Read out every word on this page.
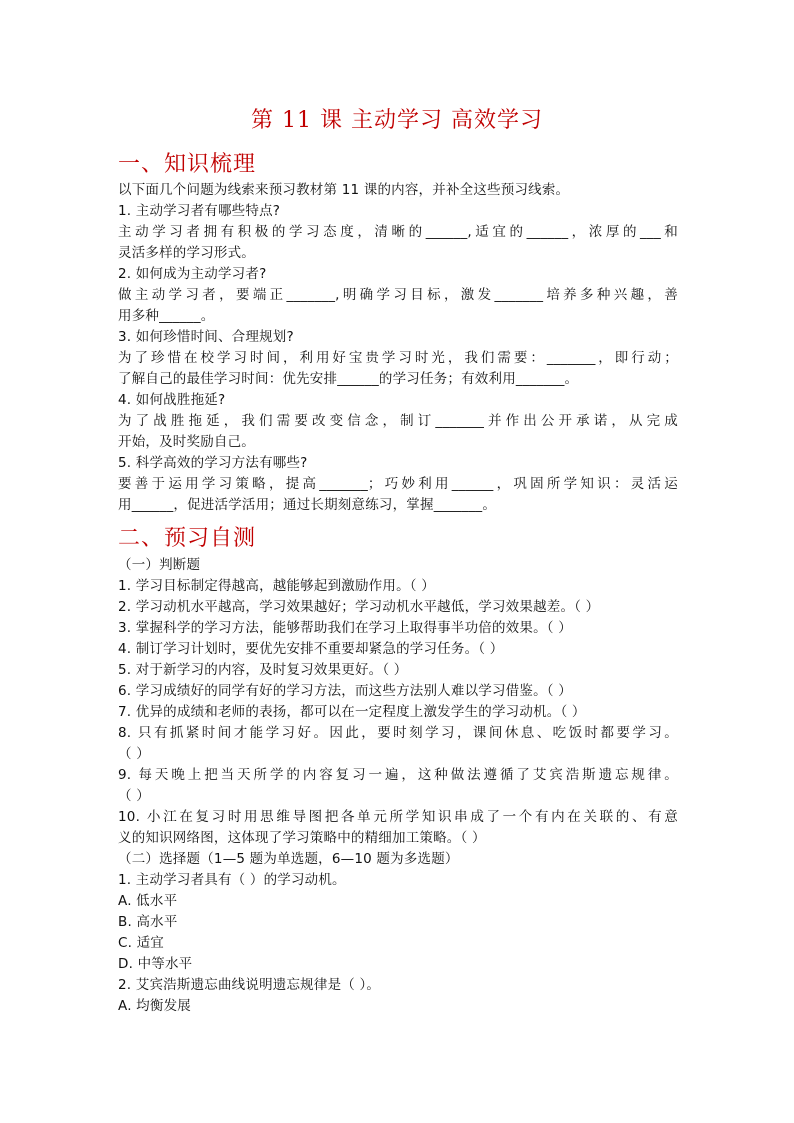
第 11 课 主动学习 高效学习
一、知识梳理
以下面几个问题为线索来预习教材第 11 课的内容，并补全这些预习线索。
1. 主动学习者有哪些特点?
主动学习者拥有积极的学习态度，清晰的______,适宜的______，浓厚的___和
灵活多样的学习形式。
2. 如何成为主动学习者?
做主动学习者，要端正_______,明确学习目标，激发_______培养多种兴趣，善
用多种______。
3. 如何珍惜时间、合理规划?
为了珍惜在校学习时间，利用好宝贵学习时光，我们需要：_______，即行动；
了解自己的最佳学习时间：优先安排______的学习任务；有效利用_______。
4. 如何战胜拖延?
为了战胜拖延，我们需要改变信念，制订_______并作出公开承诺，从完成
开始，及时奖励自己。
5. 科学高效的学习方法有哪些?
要善于运用学习策略，提高_______；巧妙利用______，巩固所学知识：灵活运
用______，促进活学活用；通过长期刻意练习，掌握_______。
二、预习自测
（一）判断题
1. 学习目标制定得越高，越能够起到激励作用。（ ）
2. 学习动机水平越高，学习效果越好；学习动机水平越低，学习效果越差。（ ）
3. 掌握科学的学习方法，能够帮助我们在学习上取得事半功倍的效果。（ ）
4. 制订学习计划时，要优先安排不重要却紧急的学习任务。（ ）
5. 对于新学习的内容，及时复习效果更好。（ ）
6. 学习成绩好的同学有好的学习方法，而这些方法别人难以学习借鉴。（ ）
7. 优异的成绩和老师的表扬，都可以在一定程度上激发学生的学习动机。（ ）
8. 只有抓紧时间才能学习好。因此，要时刻学习，课间休息、吃饭时都要学习。
（ ）
9. 每天晚上把当天所学的内容复习一遍，这种做法遵循了艾宾浩斯遗忘规律。
（ ）
10. 小江在复习时用思维导图把各单元所学知识串成了一个有内在关联的、有意
义的知识网络图，这体现了学习策略中的精细加工策略。（ ）
（二）选择题（1—5 题为单选题，6—10 题为多选题）
1. 主动学习者具有（ ）的学习动机。
A. 低水平
B. 高水平
C. 适宜
D. 中等水平
2. 艾宾浩斯遗忘曲线说明遗忘规律是（ ）。
A. 均衡发展
